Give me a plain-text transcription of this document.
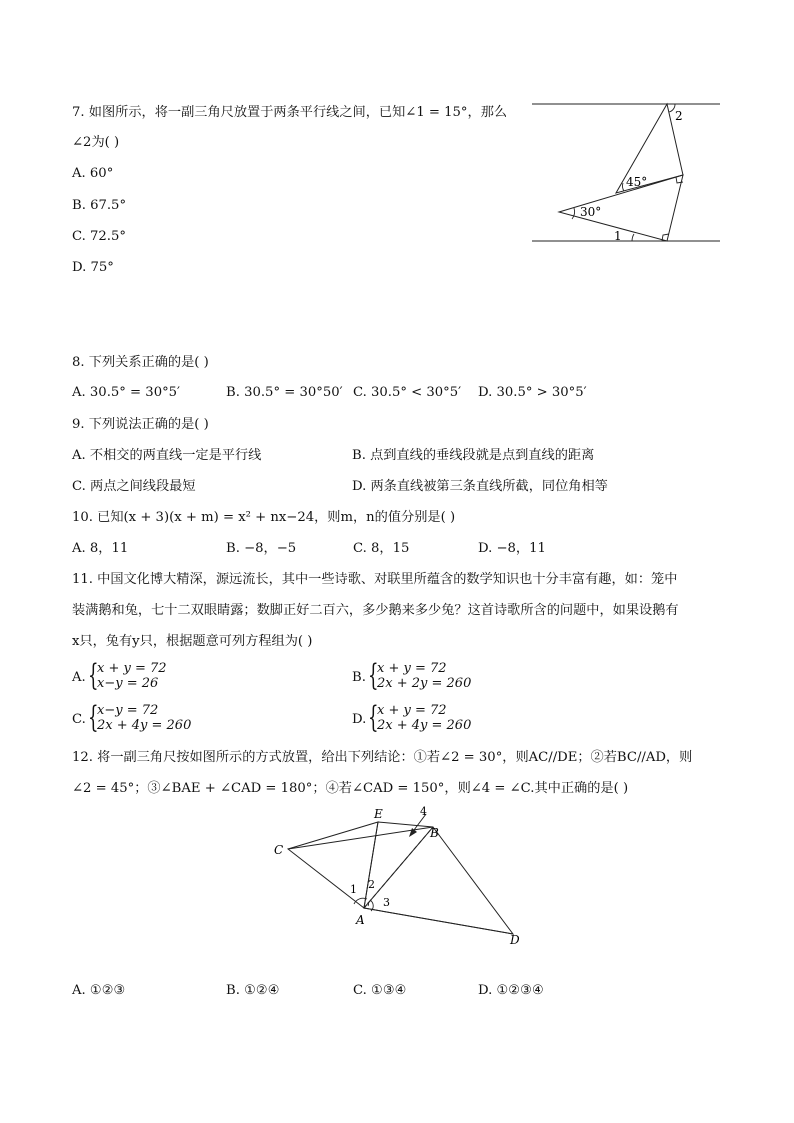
7. 如图所示，将一副三角尺放置于两条平行线之间，已知∠1 = 15°，那么
∠2为( )
A. 60°
B. 67.5°
C. 72.5°
D. 75°
2
45°
30°
1
8. 下列关系正确的是( )
A. 30.5° = 30°5′	B. 30.5° = 30°50′ C. 30.5° < 30°5′ D. 30.5° > 30°5′
9. 下列说法正确的是( )
A. 不相交的两直线一定是平行线	B. 点到直线的垂线段就是点到直线的距离
C. 两点之间线段最短	D. 两条直线被第三条直线所截，同位角相等
10. 已知(x + 3)(x + m) = x² + nx−24，则m，n的值分别是( )
A. 8，11	B. −8，−5	C. 8，15	D. −8，11
11. 中国文化博大精深，源远流长，其中一些诗歌、对联里所蕴含的数学知识也十分丰富有趣，如：笼中
装满鹅和兔，七十二双眼睛露；数脚正好二百六，多少鹅来多少兔？这首诗歌所含的问题中，如果设鹅有
x只，兔有y只，根据题意可列方程组为( )
A. {
x + y = 72
x−y = 26	B. {
x + y = 72
2x + 2y = 260
C. {
x−y = 72
2x + 4y = 260	D. {
x + y = 72
2x + 4y = 260
12. 将一副三角尺按如图所示的方式放置，给出下列结论：①若∠2 = 30°，则AC//DE；②若BC//AD，则
∠2 = 45°；③∠BAE + ∠CAD = 180°；④若∠CAD = 150°，则∠4 = ∠C.其中正确的是( )
E
B
C
A
D
1 2
3
4
A. ①②③	B. ①②④	C. ①③④	D. ①②③④
